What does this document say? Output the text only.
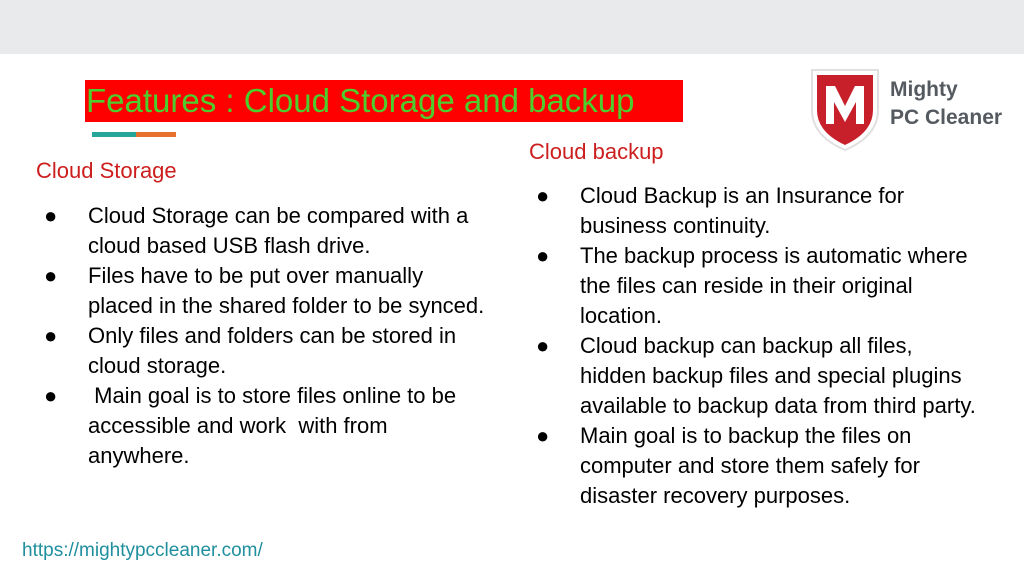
Features : Cloud Storage and backup	Mighty
PC Cleaner
Cloud Storage
● Cloud Storage can be compared with a cloud based USB flash drive.
● Files have to be put over manually placed in the shared folder to be synced.
● Only files and folders can be stored in cloud storage.
● Main goal is to store files online to be accessible and work  with from anywhere.
Cloud backup
● Cloud Backup is an Insurance for business continuity.
● The backup process is automatic where the files can reside in their original location.
● Cloud backup can backup all files, hidden backup files and special plugins available to backup data from third party.
● Main goal is to backup the files on computer and store them safely for disaster recovery purposes.
https://mightypccleaner.com/
